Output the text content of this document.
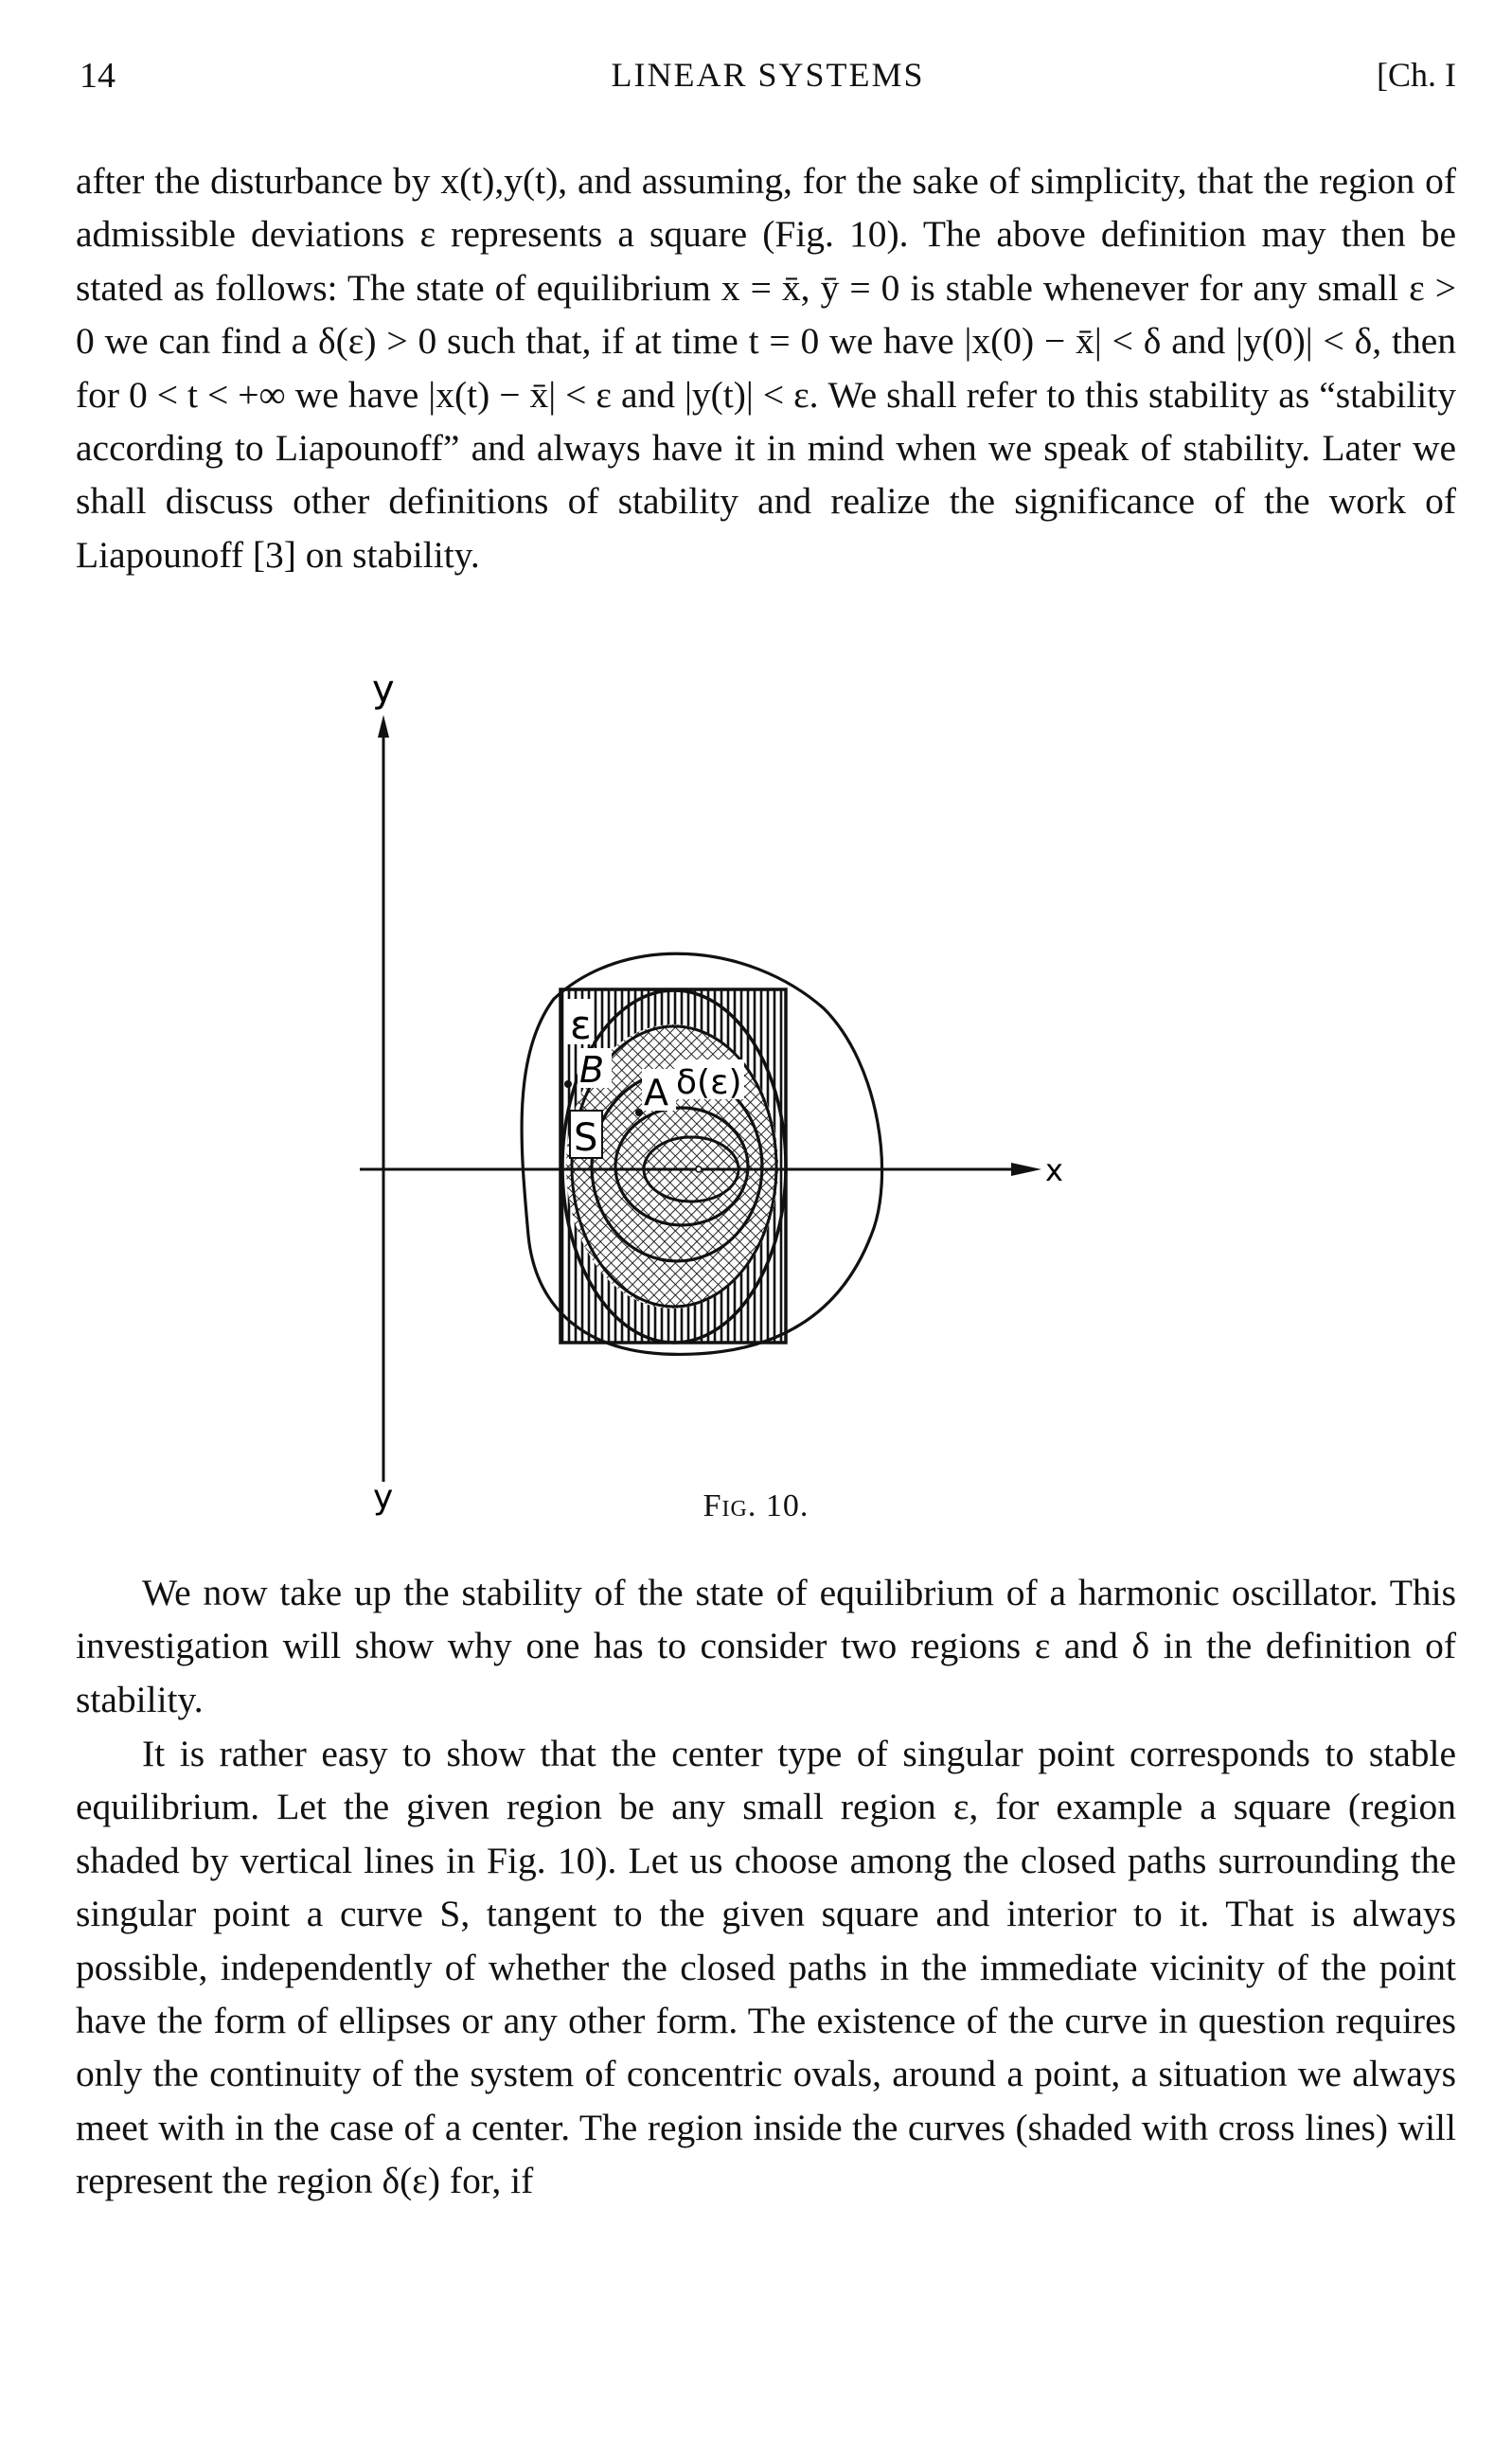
14	LINEAR SYSTEMS	[Ch. I

after the disturbance by x(t),y(t), and assuming, for the sake of simplicity, that the region of admissible deviations ε represents a square (Fig. 10). The above definition may then be stated as follows: The state of equilibrium x = x̄, ȳ = 0 is stable whenever for any small ε > 0 we can find a δ(ε) > 0 such that, if at time t = 0 we have |x(0) − x̄| < δ and |y(0)| < δ, then for 0 < t < +∞ we have |x(t) − x̄| < ε and |y(t)| < ε. We shall refer to this stability as “stability according to Liapounoff” and always have it in mind when we speak of stability. Later we shall discuss other definitions of stability and realize the significance of the work of Liapounoff [3] on stability.

y
y
x
ε
B
A δ(ε)
S
Fig. 10.

We now take up the stability of the state of equilibrium of a harmonic oscillator. This investigation will show why one has to consider two regions ε and δ in the definition of stability.

It is rather easy to show that the center type of singular point corresponds to stable equilibrium. Let the given region be any small region ε, for example a square (region shaded by vertical lines in Fig. 10). Let us choose among the closed paths surrounding the singular point a curve S, tangent to the given square and interior to it. That is always possible, independently of whether the closed paths in the immediate vicinity of the point have the form of ellipses or any other form. The existence of the curve in question requires only the continuity of the system of concentric ovals, around a point, a situation we always meet with in the case of a center. The region inside the curves (shaded with cross lines) will represent the region δ(ε) for, if
